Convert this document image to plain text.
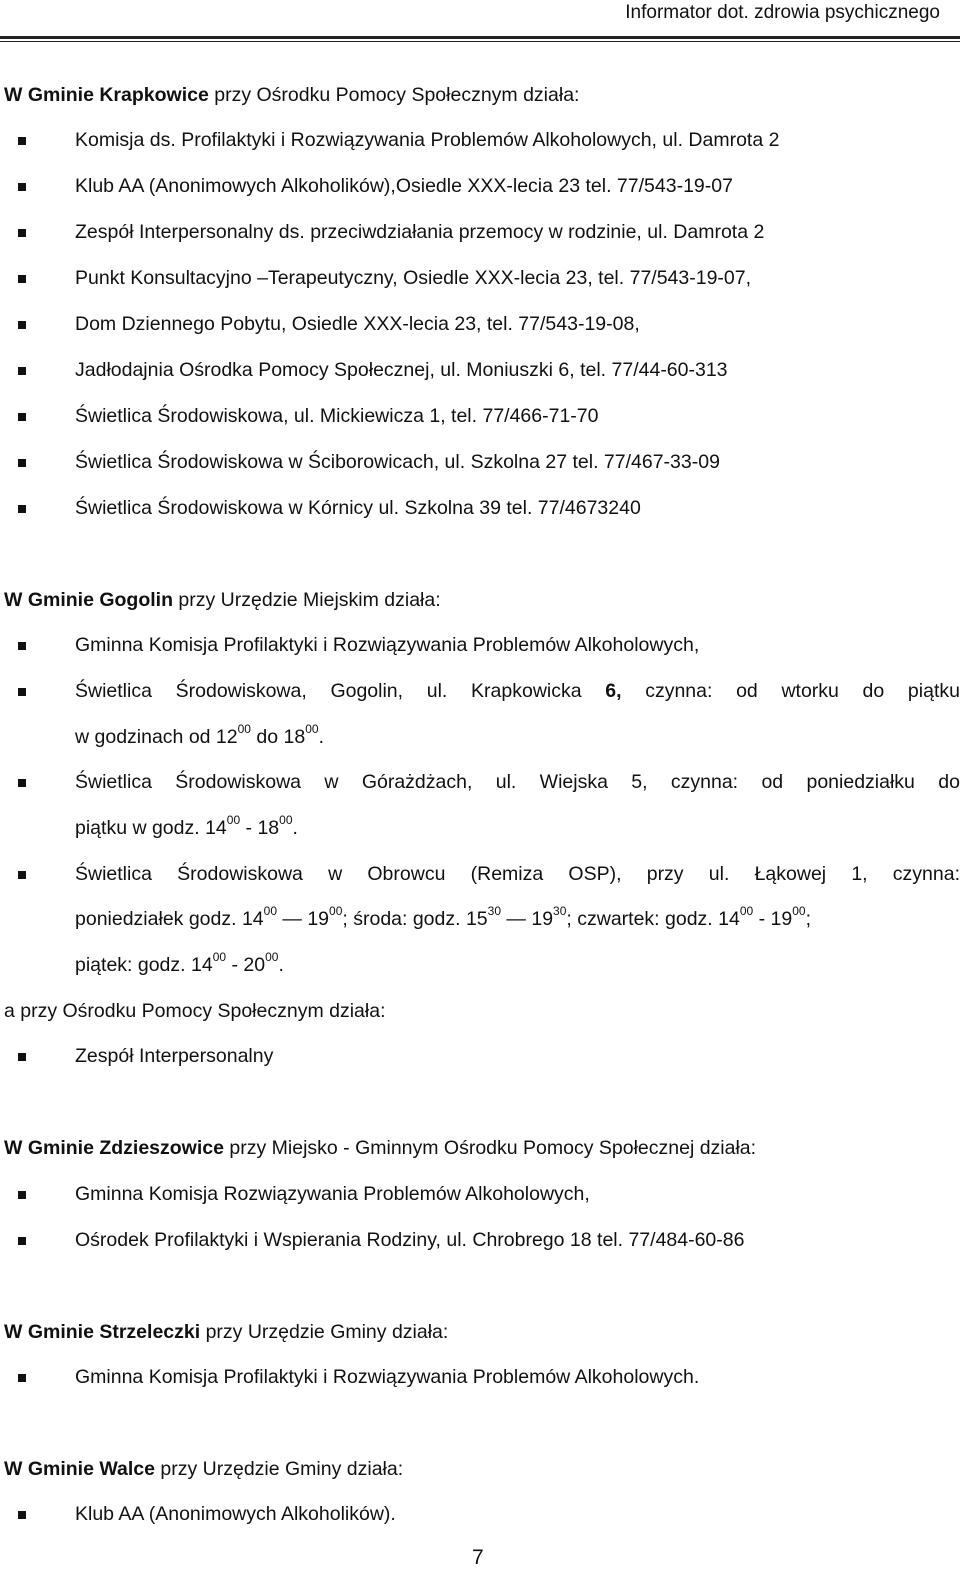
Informator dot. zdrowia psychicznego
W Gminie Krapkowice przy Ośrodku Pomocy Społecznym działa:
Komisja ds. Profilaktyki i Rozwiązywania Problemów Alkoholowych, ul. Damrota 2
Klub AA (Anonimowych Alkoholików),Osiedle XXX-lecia 23 tel. 77/543-19-07
Zespół Interpersonalny ds. przeciwdziałania przemocy w rodzinie, ul. Damrota 2
Punkt Konsultacyjno –Terapeutyczny, Osiedle XXX-lecia 23, tel. 77/543-19-07,
Dom Dziennego Pobytu, Osiedle XXX-lecia 23, tel. 77/543-19-08,
Jadłodajnia Ośrodka Pomocy Społecznej, ul. Moniuszki 6, tel. 77/44-60-313
Świetlica Środowiskowa, ul. Mickiewicza 1, tel. 77/466-71-70
Świetlica Środowiskowa w Ściborowicach, ul. Szkolna 27 tel. 77/467-33-09
Świetlica Środowiskowa w Kórnicy ul. Szkolna 39 tel. 77/4673240
W Gminie Gogolin przy Urzędzie Miejskim działa:
Gminna Komisja Profilaktyki i Rozwiązywania Problemów Alkoholowych,
Świetlica Środowiskowa, Gogolin, ul. Krapkowicka 6, czynna: od wtorku do piątku
w godzinach od $12^{00}$ do $18^{00}$.
Świetlica Środowiskowa w Górażdżach, ul. Wiejska 5, czynna: od poniedziałku do
piątku w godz. $14^{00} - 18^{00}$.
Świetlica Środowiskowa w Obrowcu (Remiza OSP), przy ul. Łąkowej 1, czynna:
poniedziałek godz. $14^{00}$ — $19^{00}$; środa: godz. $15^{30}$ — $19^{30}$; czwartek: godz. $14^{00} - 19^{00}$;
piątek: godz. $14^{00} - 20^{00}$.
a przy Ośrodku Pomocy Społecznym działa:
Zespół Interpersonalny
W Gminie Zdzieszowice przy Miejsko - Gminnym Ośrodku Pomocy Społecznej działa:
Gminna Komisja Rozwiązywania Problemów Alkoholowych,
Ośrodek Profilaktyki i Wspierania Rodziny, ul. Chrobrego 18 tel. 77/484-60-86
W Gminie Strzeleczki przy Urzędzie Gminy działa:
Gminna Komisja Profilaktyki i Rozwiązywania Problemów Alkoholowych.
W Gminie Walce przy Urzędzie Gminy działa:
Klub AA (Anonimowych Alkoholików).
7
